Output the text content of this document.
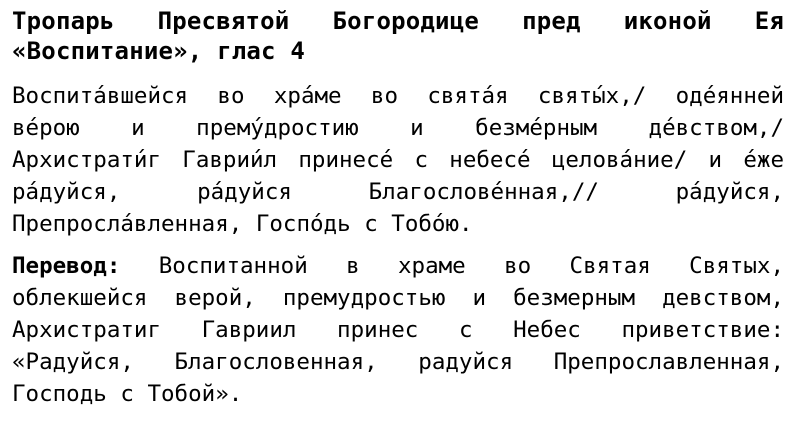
Тропарь Пресвятой Богородице пред иконой Ея
«Воспитание», глас 4
Воспита́вшейся во хра́ме во свята́я святы́х,/ оде́янней
ве́рою и прему́дростию и безме́рным де́вством,/
Архистрати́г Гаврии́л принесе́ с небесе́ целова́ние/ и е́же
ра́дуйся, ра́дуйся Благослове́нная,// ра́дуйся,
Препросла́вленная, Госпо́дь с Тобо́ю.
Перевод: Воспитанной в храме во Святая Святых,
облекшейся верой, премудростью и безмерным девством,
Архистратиг Гавриил принес с Небес приветствие:
«Радуйся, Благословенная, радуйся Препрославленная,
Господь с Тобой».
